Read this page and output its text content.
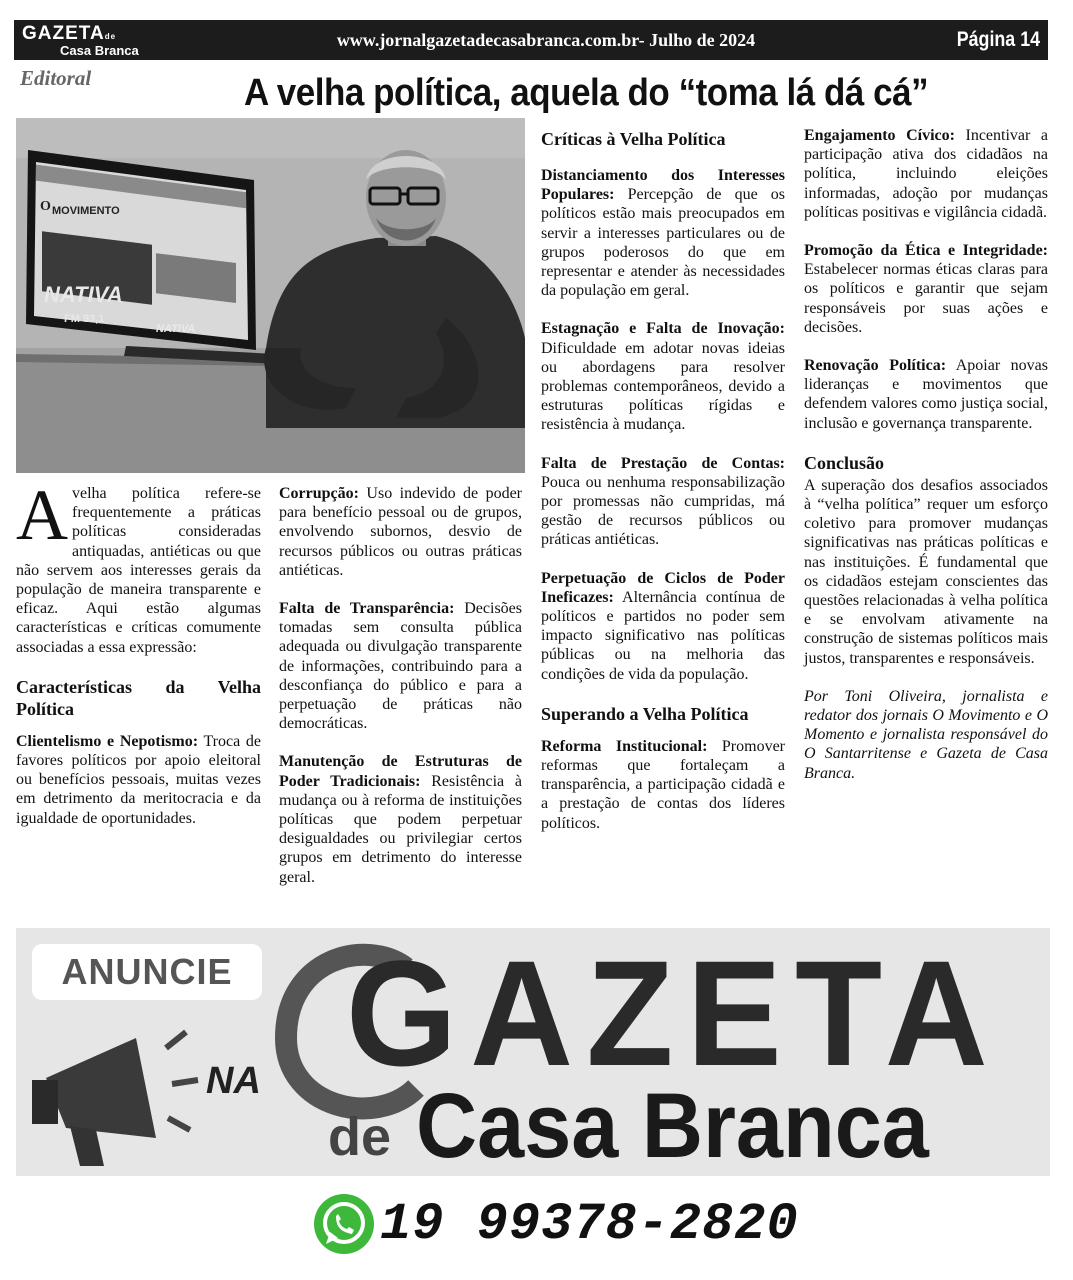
GAZETAde
Casa Branca
www.jornalgazetadecasabranca.com.br- Julho de 2024	Página 14
Editoral	A velha política, aquela do “toma lá dá cá”
NATIVA
FM 93,1
NATIVA
O MOVIMENTO

A velha política refere-se frequentemente a práticas políticas consideradas antiquadas, antiéticas ou que não servem aos interesses gerais da população de maneira transparente e eficaz. Aqui estão algumas características e críticas comumente associadas a essa expressão:

Características da Velha Política

Clientelismo e Nepotismo: Troca de favores políticos por apoio eleitoral ou benefícios pessoais, muitas vezes em detrimento da meritocracia e da igualdade de oportunidades.

Corrupção: Uso indevido de poder para benefício pessoal ou de grupos, envolvendo subornos, desvio de recursos públicos ou outras práticas antiéticas.

Falta de Transparência: Decisões tomadas sem consulta pública adequada ou divulgação transparente de informações, contribuindo para a desconfiança do público e para a perpetuação de práticas não democráticas.

Manutenção de Estruturas de Poder Tradicionais: Resistência à mudança ou à reforma de instituições políticas que podem perpetuar desigualdades ou privilegiar certos grupos em detrimento do interesse geral.

Críticas à Velha Política

Distanciamento dos Interesses Populares: Percepção de que os políticos estão mais preocupados em servir a interesses particulares ou de grupos poderosos do que em representar e atender às necessidades da população em geral.

Estagnação e Falta de Inovação: Dificuldade em adotar novas ideias ou abordagens para resolver problemas contemporâneos, devido a estruturas políticas rígidas e resistência à mudança.

Falta de Prestação de Contas: Pouca ou nenhuma responsabilização por promessas não cumpridas, má gestão de recursos públicos ou práticas antiéticas.

Perpetuação de Ciclos de Poder Ineficazes: Alternância contínua de políticos e partidos no poder sem impacto significativo nas políticas públicas ou na melhoria das condições de vida da população.

Superando a Velha Política

Reforma Institucional: Promover reformas que fortaleçam a transparência, a participação cidadã e a prestação de contas dos líderes políticos.

Engajamento Cívico: Incentivar a participação ativa dos cidadãos na política, incluindo eleições informadas, adoção por mudanças políticas positivas e vigilância cidadã.

Promoção da Ética e Integridade: Estabelecer normas éticas claras para os políticos e garantir que sejam responsáveis por suas ações e decisões.

Renovação Política: Apoiar novas lideranças e movimentos que defendem valores como justiça social, inclusão e governança transparente.

Conclusão

A superação dos desafios associados à “velha política” requer um esforço coletivo para promover mudanças significativas nas práticas políticas e nas instituições. É fundamental que os cidadãos estejam conscientes das questões relacionadas à velha política e se envolvam ativamente na construção de sistemas políticos mais justos, transparentes e responsáveis.

Por Toni Oliveira, jornalista e redator dos jornais O Movimento e O Momento e jornalista responsável do O Santarritense e Gazeta de Casa Branca.

ANUNCIE
NA GAZETA
de Casa Branca
19 99378-2820
